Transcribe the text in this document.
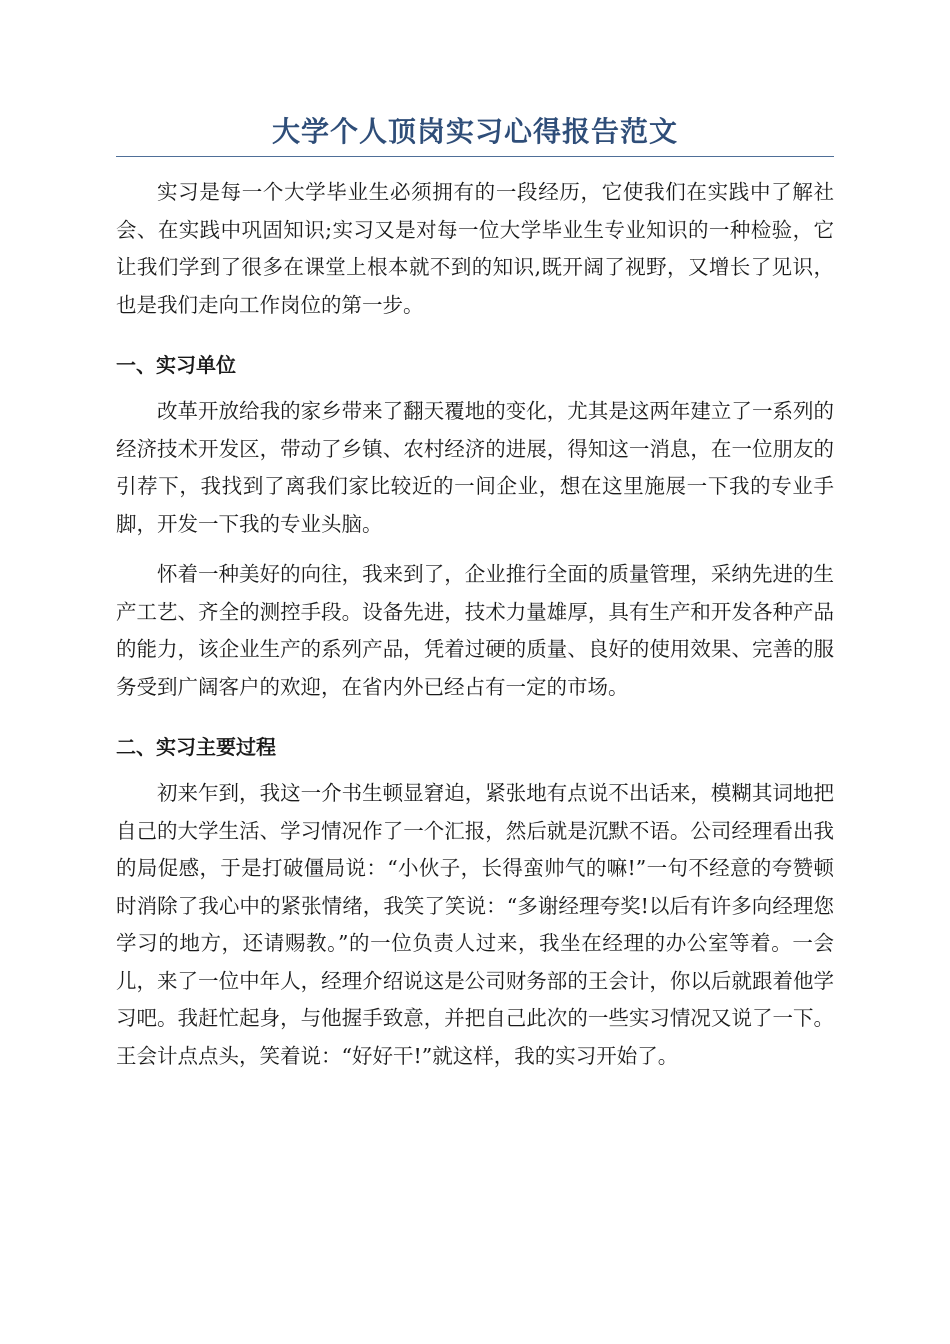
大学个人顶岗实习心得报告范文

实习是每一个大学毕业生必须拥有的一段经历，它使我们在实践中了解社会、在实践中巩固知识;实习又是对每一位大学毕业生专业知识的一种检验，它让我们学到了很多在课堂上根本就不到的知识,既开阔了视野，又增长了见识，也是我们走向工作岗位的第一步。

一、实习单位

改革开放给我的家乡带来了翻天覆地的变化，尤其是这两年建立了一系列的经济技术开发区，带动了乡镇、农村经济的进展，得知这一消息，在一位朋友的引荐下，我找到了离我们家比较近的一间企业，想在这里施展一下我的专业手脚，开发一下我的专业头脑。

怀着一种美好的向往，我来到了，企业推行全面的质量管理，采纳先进的生产工艺、齐全的测控手段。设备先进，技术力量雄厚，具有生产和开发各种产品的能力，该企业生产的系列产品，凭着过硬的质量、良好的使用效果、完善的服务受到广阔客户的欢迎，在省内外已经占有一定的市场。

二、实习主要过程

初来乍到，我这一介书生顿显窘迫，紧张地有点说不出话来，模糊其词地把自己的大学生活、学习情况作了一个汇报，然后就是沉默不语。公司经理看出我的局促感，于是打破僵局说：“小伙子，长得蛮帅气的嘛!”一句不经意的夸赞顿时消除了我心中的紧张情绪，我笑了笑说：“多谢经理夸奖!以后有许多向经理您学习的地方，还请赐教。”的一位负责人过来，我坐在经理的办公室等着。一会儿，来了一位中年人，经理介绍说这是公司财务部的王会计，你以后就跟着他学习吧。我赶忙起身，与他握手致意，并把自己此次的一些实习情况又说了一下。王会计点点头，笑着说：“好好干!”就这样，我的实习开始了。
